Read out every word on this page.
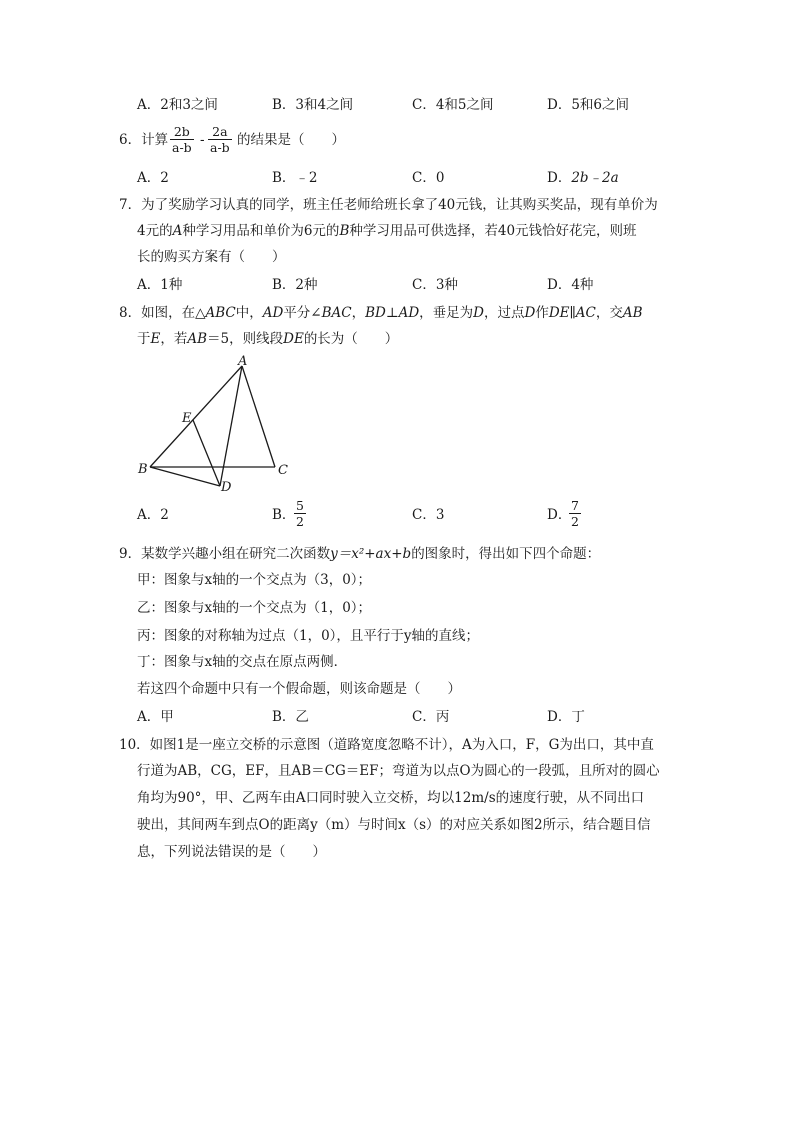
A．2和3之间	B．3和4之间	C．4和5之间	D．5和6之间
6．计算 $\frac{2b}{a-b} - \frac{2a}{a-b}$ 的结果是（　　）
A．2	B．﹣2	C．0	D．2b﹣2a
7．为了奖励学习认真的同学，班主任老师给班长拿了40元钱，让其购买奖品，现有单价为
4元的A种学习用品和单价为6元的B种学习用品可供选择，若40元钱恰好花完，则班
长的购买方案有（　　）
A．1种	B．2种	C．3种	D．4种
8．如图，在△ABC中，AD平分∠BAC，BD⊥AD，垂足为D，过点D作DE∥AC，交AB
于E，若AB＝5，则线段DE的长为（　　）
A
E
B	C
D
A．2	B．
$\frac{5}{2}$	C．3	D．
$\frac{7}{2}$
9．某数学兴趣小组在研究二次函数y＝x²+ax+b的图象时，得出如下四个命题：
甲：图象与x轴的一个交点为（3，0）；
乙：图象与x轴的一个交点为（1，0）；
丙：图象的对称轴为过点（1，0），且平行于y轴的直线；
丁：图象与x轴的交点在原点两侧．
若这四个命题中只有一个假命题，则该命题是（　　）
A．甲	B．乙	C．丙	D．丁
10．如图1是一座立交桥的示意图（道路宽度忽略不计），A为入口，F，G为出口，其中直
行道为AB，CG，EF，且AB＝CG＝EF；弯道为以点O为圆心的一段弧，且所对的圆心
角均为90°，甲、乙两车由A口同时驶入立交桥，均以12m/s的速度行驶，从不同出口
驶出，其间两车到点O的距离y（m）与时间x（s）的对应关系如图2所示，结合题目信
息，下列说法错误的是（　　）
